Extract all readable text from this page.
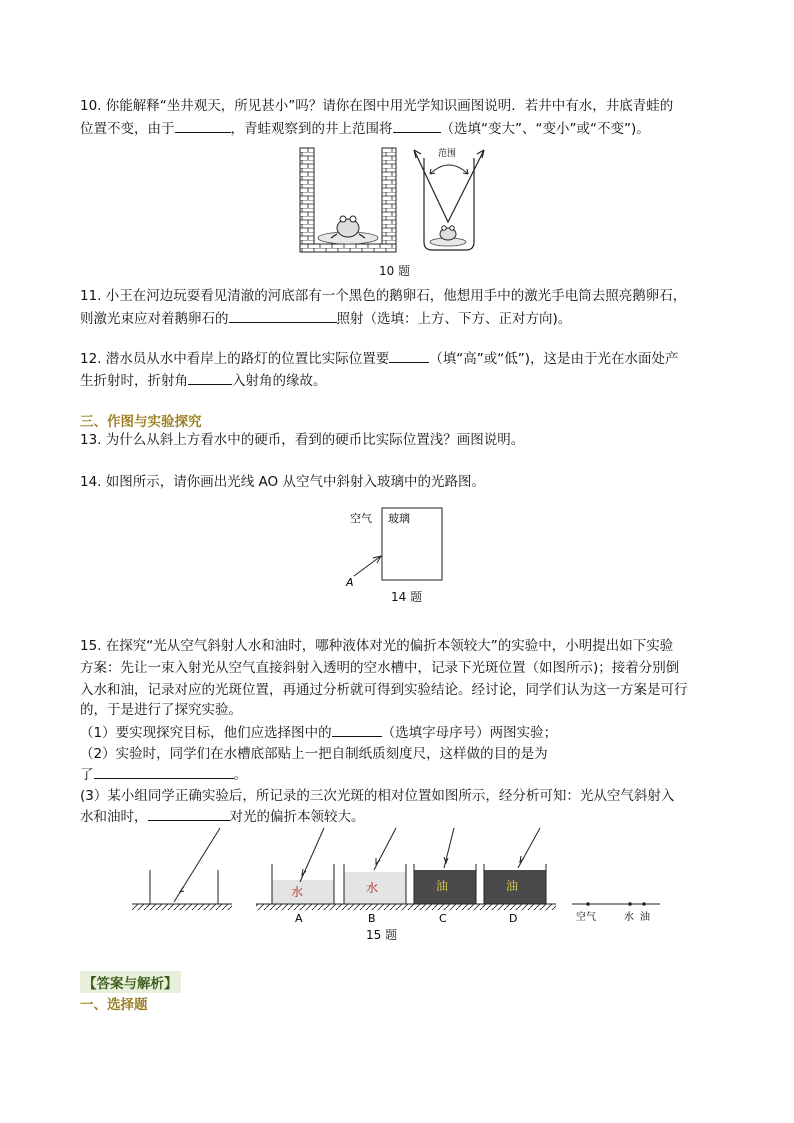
10. 你能解释“坐井观天，所见甚小”吗？请你在图中用光学知识画图说明．若井中有水，井底青蛙的
位置不变，由于	，青蛙观察到的井上范围将	（选填“变大”、“变小”或“不变”)。
范围
10 题
11. 小王在河边玩耍看见清澈的河底部有一个黑色的鹅卵石，他想用手中的激光手电筒去照亮鹅卵石，
则激光束应对着鹅卵石的	照射（选填：上方、下方、正对方向)。
12. 潜水员从水中看岸上的路灯的位置比实际位置要	（填“高”或“低”)，这是由于光在水面处产
生折射时，折射角	入射角的缘故。
三、作图与实验探究
13. 为什么从斜上方看水中的硬币，看到的硬币比实际位置浅？画图说明。
14. 如图所示，请你画出光线 AO 从空气中斜射入玻璃中的光路图。
空气 玻璃
A
14 题
15. 在探究“光从空气斜射人水和油时，哪种液体对光的偏折本领较大”的实验中，小明提出如下实验
方案：先让一束入射光从空气直接斜射入透明的空水槽中，记录下光斑位置（如图所示)；接着分别倒
入水和油，记录对应的光斑位置，再通过分析就可得到实验结论。经讨论，同学们认为这一方案是可行
的，于是进行了探究实验。
（1）要实现探究目标，他们应选择图中的	（选填字母序号）两图实验；
（2）实验时，同学们在水槽底部贴上一把自制纸质刻度尺，这样做的目的是为
了	。
(3）某小组同学正确实验后，所记录的三次光斑的相对位置如图所示，经分析可知：光从空气斜射入
水和油时，	对光的偏折本领较大。
水
A
水
B
油
C
油
D	空气	水 油
15 题
【答案与解析】
一、选择题
